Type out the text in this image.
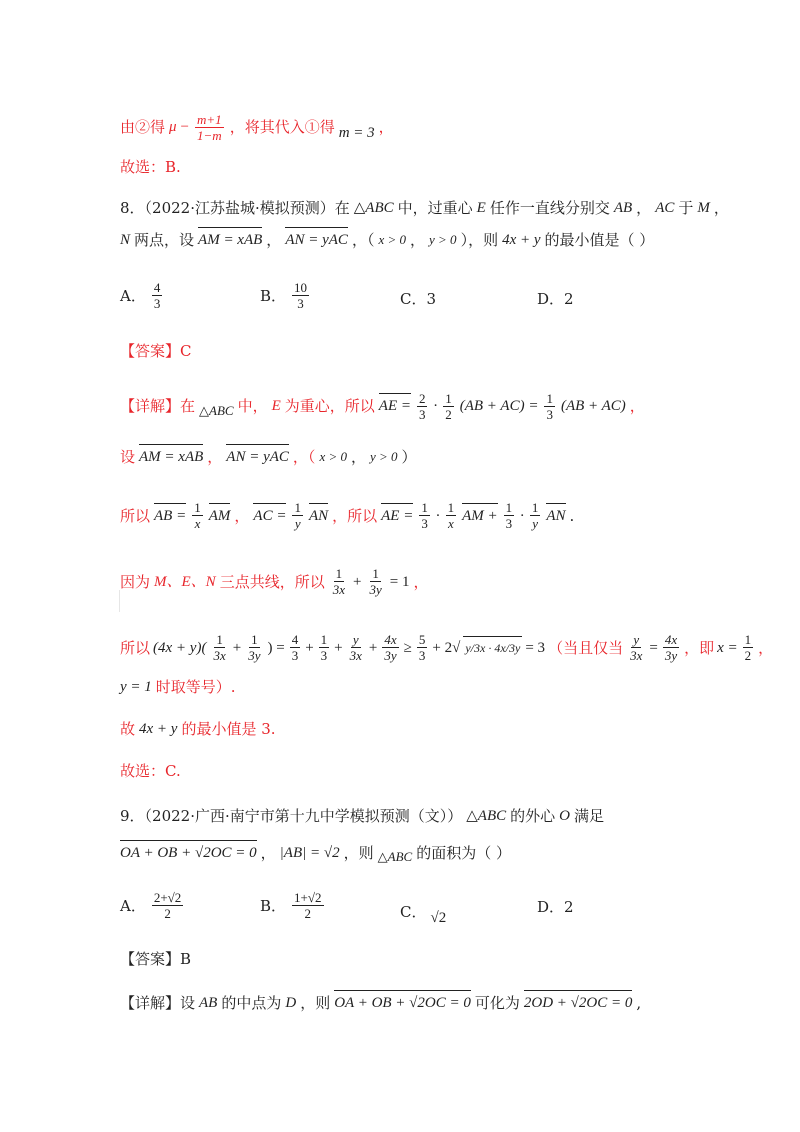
由②得 $\mu - \frac{m+1}{1-m}$ ，将其代入①得 m = 3 ，
故选：B.
8．（2022·江苏盐城·模拟预测）在 △ABC 中，过重心 E 任作一直线分别交 AB ， AC 于 M ，
N 两点，设 AM = xAB ， AN = yAC ，（ x > 0 ， y > 0 ），则 4x + y 的最小值是（ ）
A． $\frac{4}{3}$	B． $\frac{10}{3}$	C．3	D．2
【答案】C
【详解】在 △ABC 中， E 为重心，所以 AE = $\frac{2}{3} \cdot \frac{1}{2} (AB + AC) = \frac{1}{3} (AB + AC)$ ，
设 AM = xAB ， AN = yAC ，（ x > 0 ， y > 0 ）
所以 AB = $\frac{1}{x}$ AM ， AC = $\frac{1}{y}$ AN ，所以 AE = $\frac{1}{3} \cdot \frac{1}{x}$ AM + $\frac{1}{3} \cdot \frac{1}{y}$ AN .
因为 M、E、N 三点共线，所以 $\frac{1}{3x} + \frac{1}{3y} = 1$ ，
所以 $(4x + y)( \frac{1}{3x} + \frac{1}{3y}$ ) = $\frac{4}{3} + \frac{1}{3} + \frac{y}{3x} + \frac{4x}{3y} \ge \frac{5}{3} + 2√$ y/3x · 4x/3y = 3 （当且仅当 $\frac{y}{3x} = \frac{4x}{3y}$ ，即 $x = \frac{1}{2}$ ，
y = 1 时取等号）.
故 4x + y 的最小值是 3.
故选：C.
9．（2022·广西·南宁市第十九中学模拟预测（文）） △ABC 的外心 O 满足
OA + OB + √2OC = 0 ， |AB| = √2 ，则 △ABC 的面积为（ ）
A． $\frac{2+√2}{2}$	B． $\frac{1+√2}{2}$	C． √2
D．2
【答案】B
【详解】设 AB 的中点为 D ，则 OA + OB + √2OC = 0 可化为 2OD + √2OC = 0 ,
